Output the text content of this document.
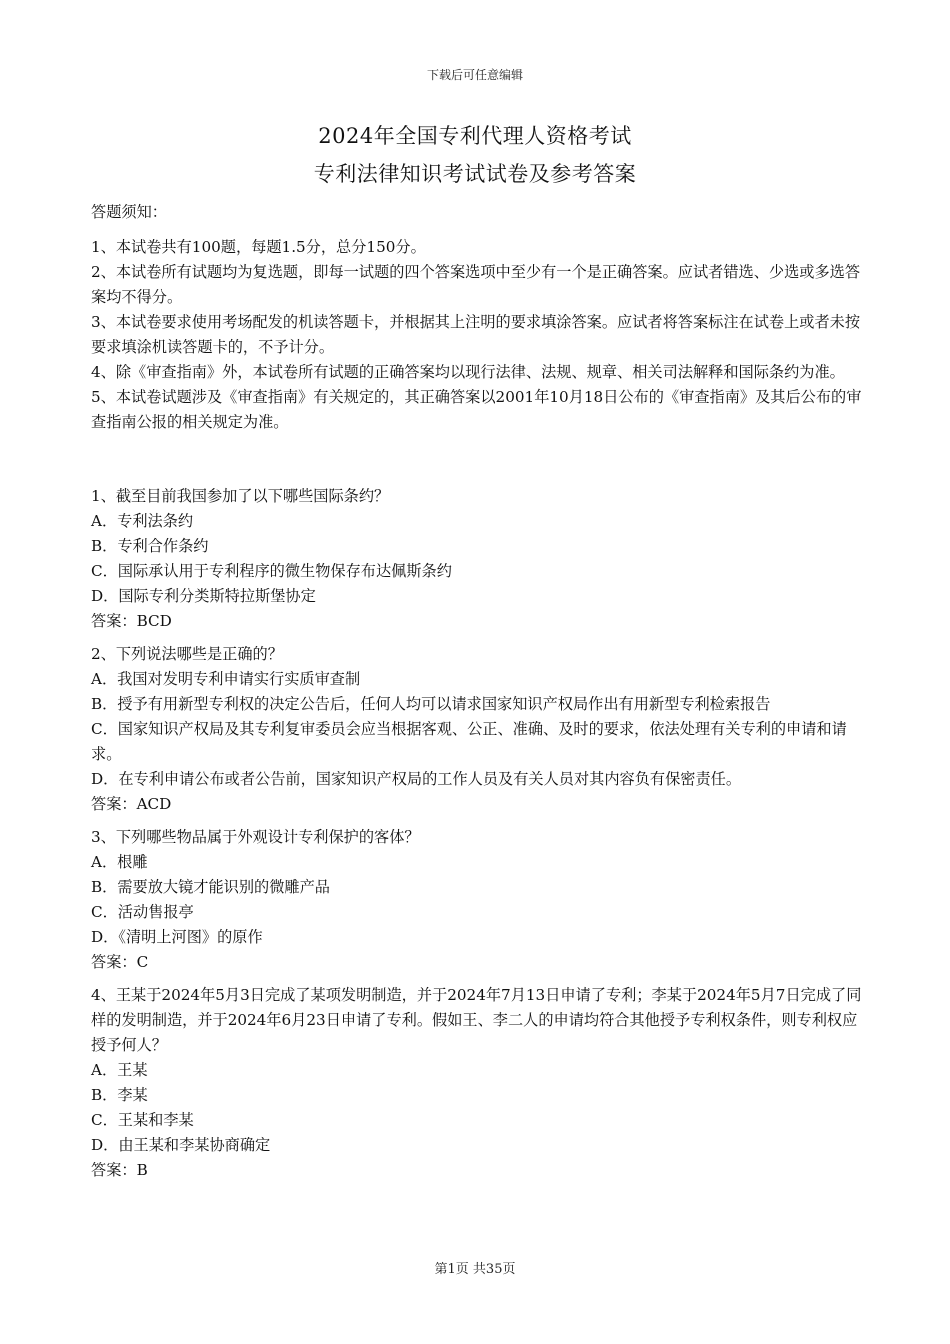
下载后可任意编辑
2024年全国专利代理人资格考试
专利法律知识考试试卷及参考答案

答题须知：

1、本试卷共有100题，每题1.5分，总分150分。

2、本试卷所有试题均为复选题，即每一试题的四个答案选项中至少有一个是正确答案。应试者错选、少选或多选答案均不得分。

3、本试卷要求使用考场配发的机读答题卡，并根据其上注明的要求填涂答案。应试者将答案标注在试卷上或者未按要求填涂机读答题卡的，不予计分。

4、除《审查指南》外，本试卷所有试题的正确答案均以现行法律、法规、规章、相关司法解释和国际条约为准。

5、本试卷试题涉及《审查指南》有关规定的，其正确答案以2001年10月18日公布的《审查指南》及其后公布的审查指南公报的相关规定为准。

1、截至目前我国参加了以下哪些国际条约？

A．专利法条约

B．专利合作条约

C．国际承认用于专利程序的微生物保存布达佩斯条约

D．国际专利分类斯特拉斯堡协定

答案：BCD

2、下列说法哪些是正确的？

A．我国对发明专利申请实行实质审查制

B．授予有用新型专利权的决定公告后，任何人均可以请求国家知识产权局作出有用新型专利检索报告

C．国家知识产权局及其专利复审委员会应当根据客观、公正、准确、及时的要求，依法处理有关专利的申请和请求。

D．在专利申请公布或者公告前，国家知识产权局的工作人员及有关人员对其内容负有保密责任。

答案：ACD

3、下列哪些物品属于外观设计专利保护的客体？

A．根雕

B．需要放大镜才能识别的微雕产品

C．活动售报亭

D．《清明上河图》的原作

答案：C

4、王某于2024年5月3日完成了某项发明制造，并于2024年7月13日申请了专利；李某于2024年5月7日完成了同样的发明制造，并于2024年6月23日申请了专利。假如王、李二人的申请均符合其他授予专利权条件，则专利权应授予何人？

A．王某

B．李某

C．王某和李某

D．由王某和李某协商确定

答案：B

第1页 共35页
